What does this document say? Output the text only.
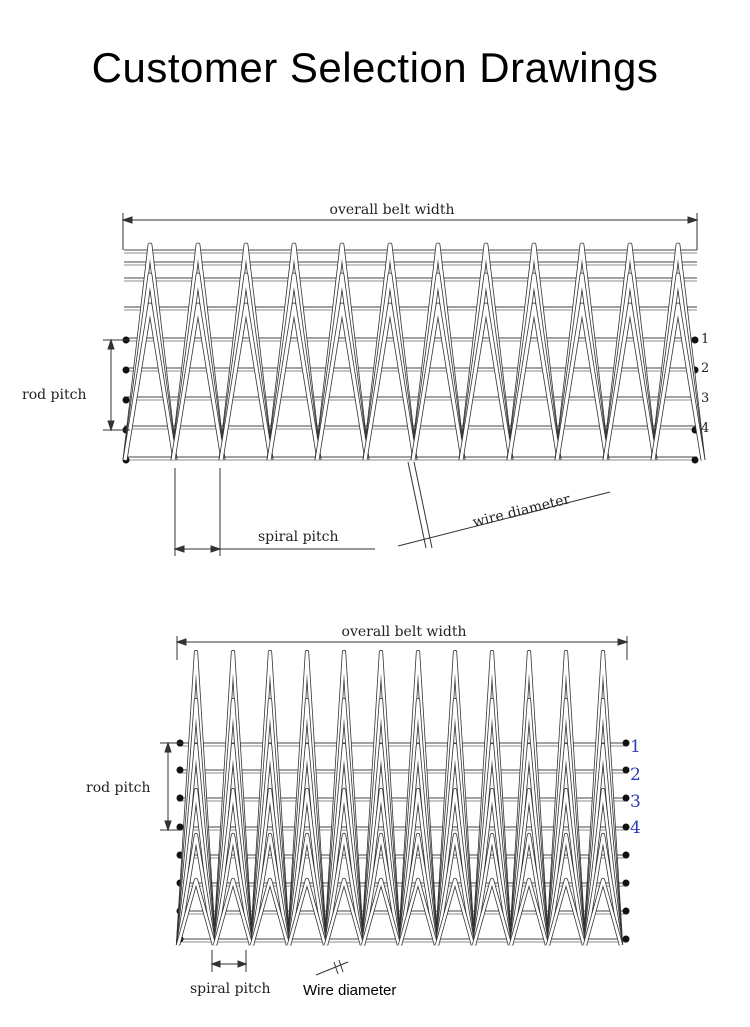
Customer Selection Drawings
overall belt width
rod pitch
1
2
3
4
spiral pitch
wire diameter
overall belt width
rod pitch
1
2
3
4
spiral pitch Wire diameter
